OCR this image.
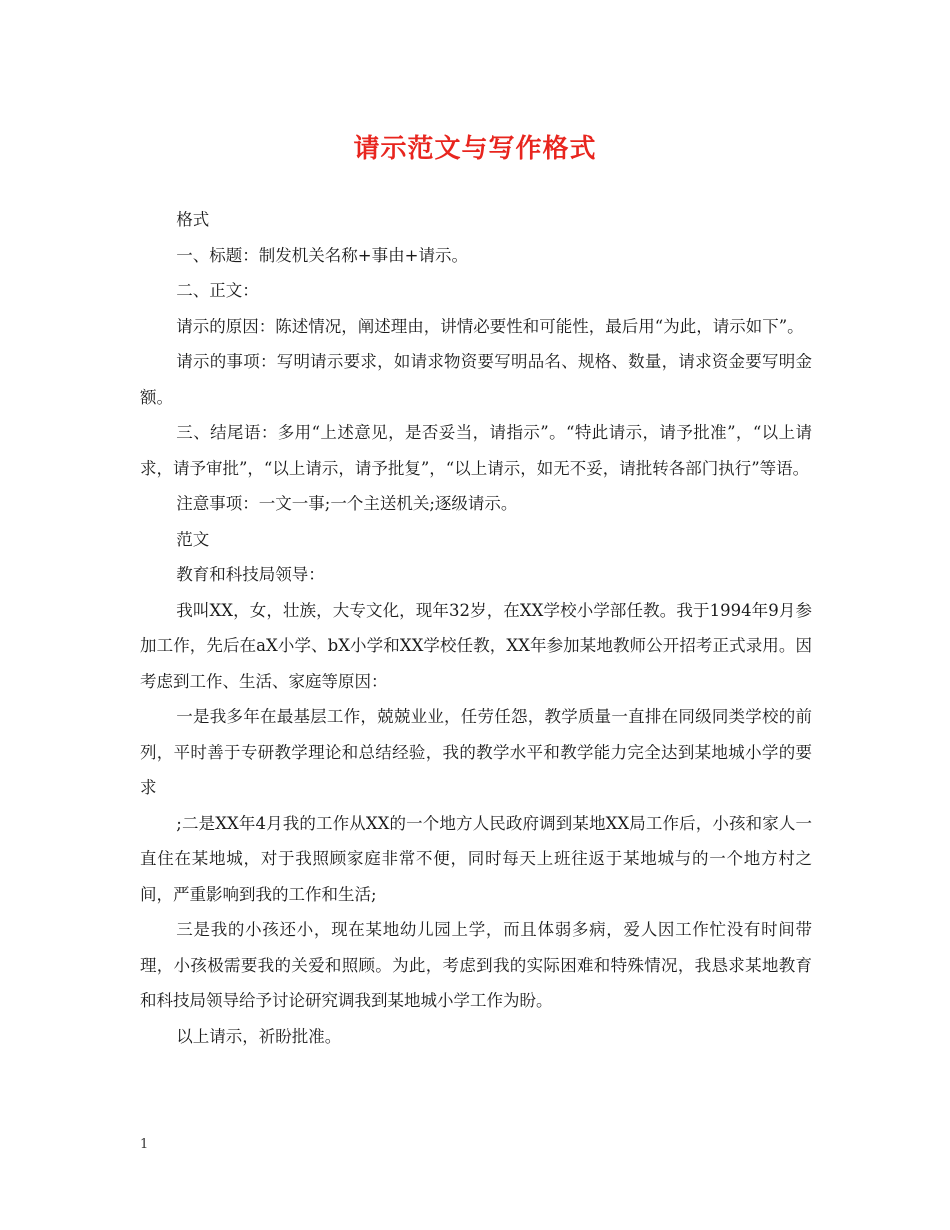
请示范文与写作格式

格式

一、标题：制发机关名称+事由+请示。

二、正文：

请示的原因：陈述情况，阐述理由，讲情必要性和可能性，最后用“为此，请示如下”。

请示的事项：写明请示要求，如请求物资要写明品名、规格、数量，请求资金要写明金额。

三、结尾语：多用“上述意见，是否妥当，请指示”。“特此请示，请予批准”，“以上请求，请予审批”，“以上请示，请予批复”，“以上请示，如无不妥，请批转各部门执行”等语。

注意事项：一文一事;一个主送机关;逐级请示。

范文

教育和科技局领导：

我叫XX，女，壮族，大专文化，现年32岁，在XX学校小学部任教。我于1994年9月参加工作，先后在aX小学、bX小学和XX学校任教，XX年参加某地教师公开招考正式录用。因考虑到工作、生活、家庭等原因：

一是我多年在最基层工作，兢兢业业，任劳任怨，教学质量一直排在同级同类学校的前列，平时善于专研教学理论和总结经验，我的教学水平和教学能力完全达到某地城小学的要求

;二是XX年4月我的工作从XX的一个地方人民政府调到某地XX局工作后，小孩和家人一直住在某地城，对于我照顾家庭非常不便，同时每天上班往返于某地城与的一个地方村之间，严重影响到我的工作和生活;

三是我的小孩还小，现在某地幼儿园上学，而且体弱多病，爱人因工作忙没有时间带理，小孩极需要我的关爱和照顾。为此，考虑到我的实际困难和特殊情况，我恳求某地教育和科技局领导给予讨论研究调我到某地城小学工作为盼。

以上请示，祈盼批准。

1
